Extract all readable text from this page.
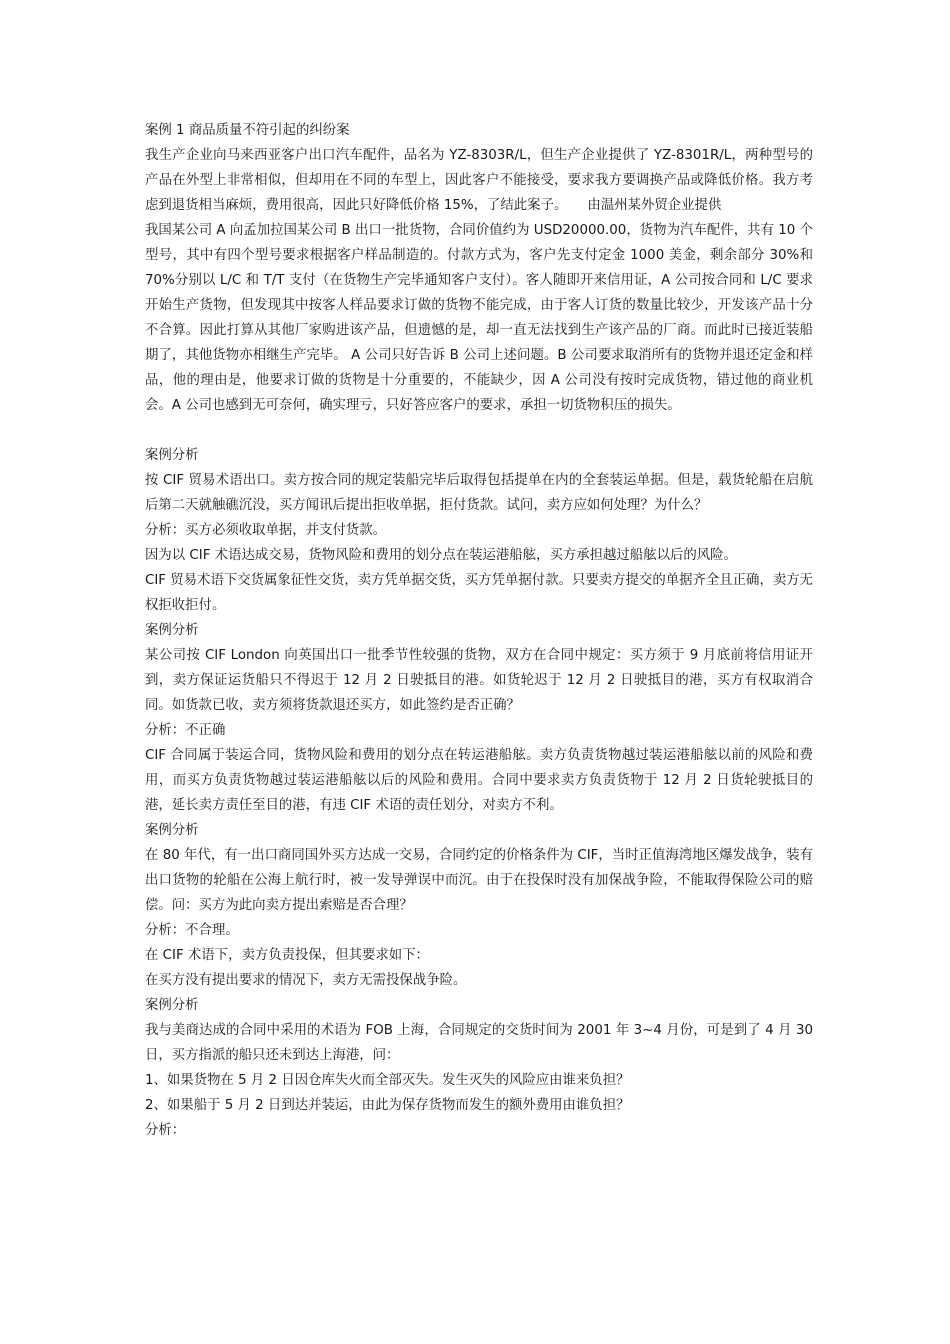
案例 1 商品质量不符引起的纠纷案

我生产企业向马来西亚客户出口汽车配件，品名为 YZ-8303R/L，但生产企业提供了 YZ-8301R/L，两种型号的产品在外型上非常相似，但却用在不同的车型上，因此客户不能接受，要求我方要调换产品或降低价格。我方考虑到退货相当麻烦，费用很高，因此只好降低价格 15%，了结此案子。　　由温州某外贸企业提供

我国某公司 A 向孟加拉国某公司 B 出口一批货物，合同价值约为 USD20000.00，货物为汽车配件，共有 10 个型号，其中有四个型号要求根据客户样品制造的。付款方式为，客户先支付定金 1000 美金，剩余部分 30%和 70%分别以 L/C 和 T/T 支付（在货物生产完毕通知客户支付）。客人随即开来信用证，A 公司按合同和 L/C 要求开始生产货物，但发现其中按客人样品要求订做的货物不能完成，由于客人订货的数量比较少，开发该产品十分不合算。因此打算从其他厂家购进该产品，但遗憾的是，却一直无法找到生产该产品的厂商。而此时已接近装船期了，其他货物亦相继生产完毕。 A 公司只好告诉 B 公司上述问题。B 公司要求取消所有的货物并退还定金和样品，他的理由是，他要求订做的货物是十分重要的，不能缺少，因 A 公司没有按时完成货物，错过他的商业机会。A 公司也感到无可奈何，确实理亏，只好答应客户的要求，承担一切货物积压的损失。

案例分析

按 CIF 贸易术语出口。卖方按合同的规定装船完毕后取得包括提单在内的全套装运单据。但是，载货轮船在启航后第二天就触礁沉没，买方闻讯后提出拒收单据，拒付货款。试问，卖方应如何处理？为什么？

分析：买方必须收取单据，并支付货款。

因为以 CIF 术语达成交易，货物风险和费用的划分点在装运港船舷，买方承担越过船舷以后的风险。

CIF 贸易术语下交货属象征性交货，卖方凭单据交货，买方凭单据付款。只要卖方提交的单据齐全且正确，卖方无权拒收拒付。

案例分析

某公司按 CIF London 向英国出口一批季节性较强的货物，双方在合同中规定：买方须于 9 月底前将信用证开到，卖方保证运货船只不得迟于 12 月 2 日驶抵目的港。如货轮迟于 12 月 2 日驶抵目的港，买方有权取消合同。如货款已收，卖方须将货款退还买方，如此签约是否正确？

分析：不正确

CIF 合同属于装运合同，货物风险和费用的划分点在转运港船舷。卖方负责货物越过装运港船舷以前的风险和费用，而买方负责货物越过装运港船舷以后的风险和费用。合同中要求卖方负责货物于 12 月 2 日货轮驶抵目的港，延长卖方责任至目的港，有违 CIF 术语的责任划分，对卖方不利。

案例分析

在 80 年代，有一出口商同国外买方达成一交易，合同约定的价格条件为 CIF，当时正值海湾地区爆发战争，装有出口货物的轮船在公海上航行时，被一发导弹误中而沉。由于在投保时没有加保战争险，不能取得保险公司的赔偿。问：买方为此向卖方提出索赔是否合理？

分析：不合理。

在 CIF 术语下，卖方负责投保，但其要求如下：

在买方没有提出要求的情况下，卖方无需投保战争险。

案例分析

我与美商达成的合同中采用的术语为 FOB 上海，合同规定的交货时间为 2001 年 3~4 月份，可是到了 4 月 30 日，买方指派的船只还未到达上海港，问：

1、如果货物在 5 月 2 日因仓库失火而全部灭失。发生灭失的风险应由谁来负担？

2、如果船于 5 月 2 日到达并装运，由此为保存货物而发生的额外费用由谁负担？

分析：
